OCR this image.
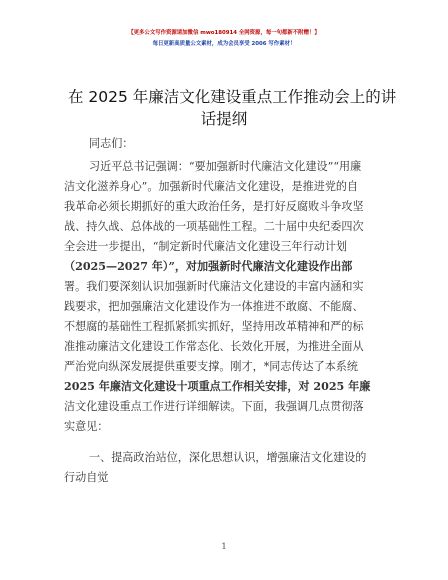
【更多公文写作资源请加微信 mwo180914 全网资源，每一句都新不附赠！】
每日更新高质量公文素材，成为会员享受 2006 写作素材！
在 2025 年廉洁文化建设重点工作推动会上的讲
话提纲
同志们：
习近平总书记强调：“要加强新时代廉洁文化建设”“用廉
洁文化滋养身心”。加强新时代廉洁文化建设，是推进党的自
我革命必须长期抓好的重大政治任务，是打好反腐败斗争攻坚
战、持久战、总体战的一项基础性工程。二十届中央纪委四次
全会进一步提出，“制定新时代廉洁文化建设三年行动计划
（2025—2027 年）”，对加强新时代廉洁文化建设作出部
署。我们要深刻认识加强新时代廉洁文化建设的丰富内涵和实
践要求，把加强廉洁文化建设作为一体推进不敢腐、不能腐、
不想腐的基础性工程抓紧抓实抓好，坚持用改革精神和严的标
准推动廉洁文化建设工作常态化、长效化开展，为推进全面从
严治党向纵深发展提供重要支撑。刚才，*同志传达了本系统
2025 年廉洁文化建设十项重点工作相关安排，对 2025 年廉
洁文化建设重点工作进行详细解读。下面，我强调几点贯彻落
实意见：
一、提高政治站位，深化思想认识，增强廉洁文化建设的
行动自觉
1
